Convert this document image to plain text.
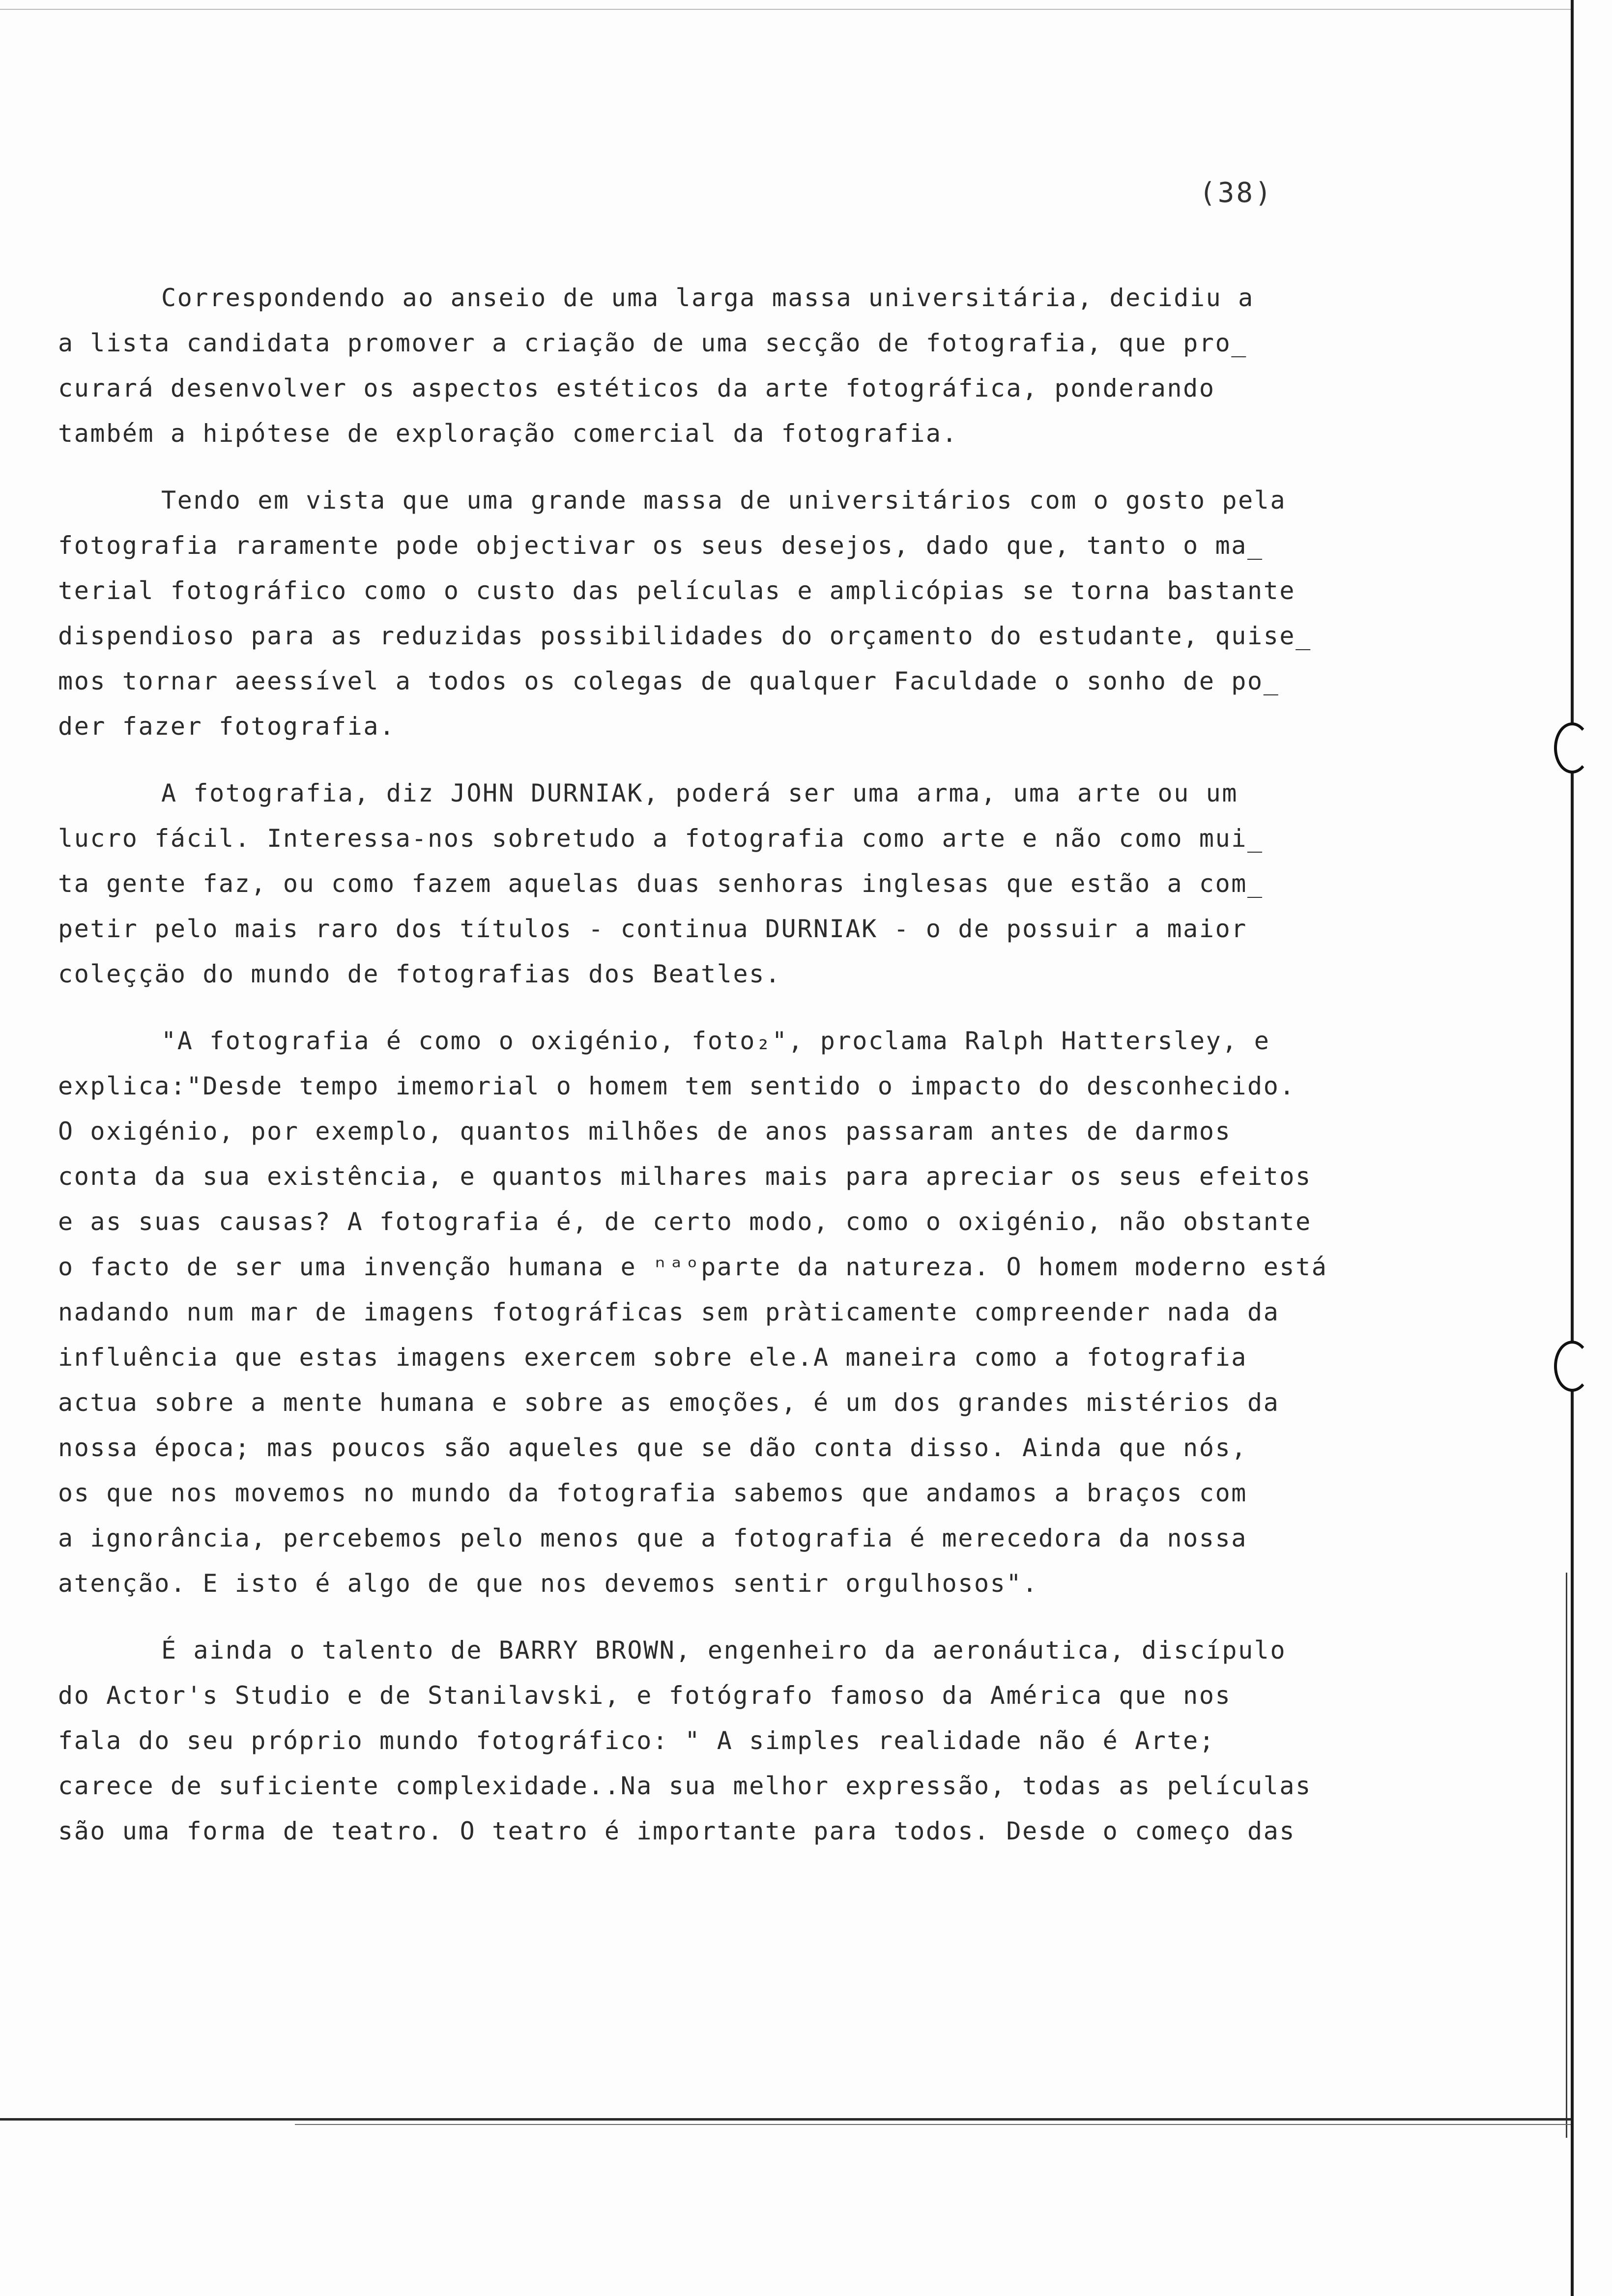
(38)
Correspondendo ao anseio de uma larga massa universitária, decidiu a
a lista candidata promover a criação de uma secção de fotografia, que pro_
curará desenvolver os aspectos estéticos da arte fotográfica, ponderando
também a hipótese de exploração comercial da fotografia.
Tendo em vista que uma grande massa de universitários com o gosto pela
fotografia raramente pode objectivar os seus desejos, dado que, tanto o ma_
terial fotográfico como o custo das películas e amplicópias se torna bastante
dispendioso para as reduzidas possibilidades do orçamento do estudante, quise_
mos tornar aeessível a todos os colegas de qualquer Faculdade o sonho de po_
der fazer fotografia.
A fotografia, diz JOHN DURNIAK, poderá ser uma arma, uma arte ou um
lucro fácil. Interessa-nos sobretudo a fotografia como arte e não como mui_
ta gente faz, ou como fazem aquelas duas senhoras inglesas que estão a com_
petir pelo mais raro dos títulos - continua DURNIAK - o de possuir a maior
coleççäo do mundo de fotografias dos Beatles.
"A fotografia é como o oxigénio, foto₂", proclama Ralph Hattersley, e
explica:"Desde tempo imemorial o homem tem sentido o impacto do desconhecido.
O oxigénio, por exemplo, quantos milhões de anos passaram antes de darmos
conta da sua existência, e quantos milhares mais para apreciar os seus efeitos
e as suas causas? A fotografia é, de certo modo, como o oxigénio, não obstante
o facto de ser uma invenção humana e ⁿᵃᵒparte da natureza. O homem moderno está
nadando num mar de imagens fotográficas sem pràticamente compreender nada da
influência que estas imagens exercem sobre ele.A maneira como a fotografia
actua sobre a mente humana e sobre as emoções, é um dos grandes mistérios da
nossa época; mas poucos são aqueles que se dão conta disso. Ainda que nós,
os que nos movemos no mundo da fotografia sabemos que andamos a braços com
a ignorância, percebemos pelo menos que a fotografia é merecedora da nossa
atenção. E isto é algo de que nos devemos sentir orgulhosos".
É ainda o talento de BARRY BROWN, engenheiro da aeronáutica, discípulo
do Actor's Studio e de Stanilavski, e fotógrafo famoso da América que nos
fala do seu próprio mundo fotográfico: " A simples realidade não é Arte;
carece de suficiente complexidade..Na sua melhor expressão, todas as películas
são uma forma de teatro. O teatro é importante para todos. Desde o começo das
